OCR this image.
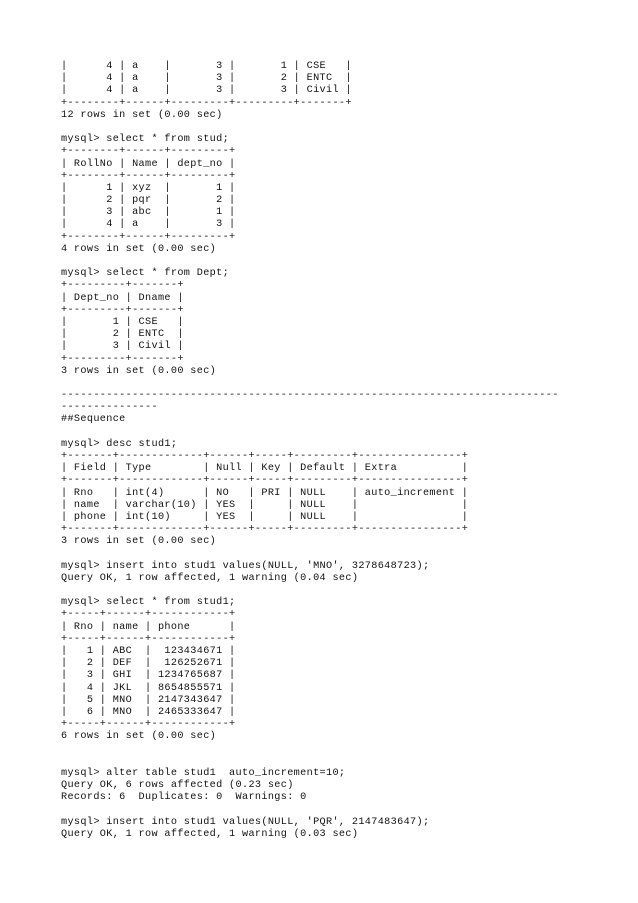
|      4 | a    |       3 |       1 | CSE   |
|      4 | a    |       3 |       2 | ENTC  |
|      4 | a    |       3 |       3 | Civil |
+--------+------+---------+---------+-------+
12 rows in set (0.00 sec)
mysql> select * from stud;
+--------+------+---------+
| RollNo | Name | dept_no |
+--------+------+---------+
|      1 | xyz  |       1 |
|      2 | pqr  |       2 |
|      3 | abc  |       1 |
|      4 | a    |       3 |
+--------+------+---------+
4 rows in set (0.00 sec)
mysql> select * from Dept;
+---------+-------+
| Dept_no | Dname |
+---------+-------+
|       1 | CSE   |
|       2 | ENTC  |
|       3 | Civil |
+---------+-------+
3 rows in set (0.00 sec)
-----------------------------------------------------------------------------
---------------
##Sequence
mysql> desc stud1;
+-------+-------------+------+-----+---------+----------------+
| Field | Type        | Null | Key | Default | Extra          |
+-------+-------------+------+-----+---------+----------------+
| Rno   | int(4)      | NO   | PRI | NULL    | auto_increment |
| name  | varchar(10) | YES  |     | NULL    |                |
| phone | int(10)     | YES  |     | NULL    |                |
+-------+-------------+------+-----+---------+----------------+
3 rows in set (0.00 sec)
mysql> insert into stud1 values(NULL, 'MNO', 3278648723);
Query OK, 1 row affected, 1 warning (0.04 sec)
mysql> select * from stud1;
+-----+------+------------+
| Rno | name | phone      |
+-----+------+------------+
|   1 | ABC  |  123434671 |
|   2 | DEF  |  126252671 |
|   3 | GHI  | 1234765687 |
|   4 | JKL  | 8654855571 |
|   5 | MNO  | 2147343647 |
|   6 | MNO  | 2465333647 |
+-----+------+------------+
6 rows in set (0.00 sec)
mysql> alter table stud1  auto_increment=10;
Query OK, 6 rows affected (0.23 sec)
Records: 6  Duplicates: 0  Warnings: 0
mysql> insert into stud1 values(NULL, 'PQR', 2147483647);
Query OK, 1 row affected, 1 warning (0.03 sec)
